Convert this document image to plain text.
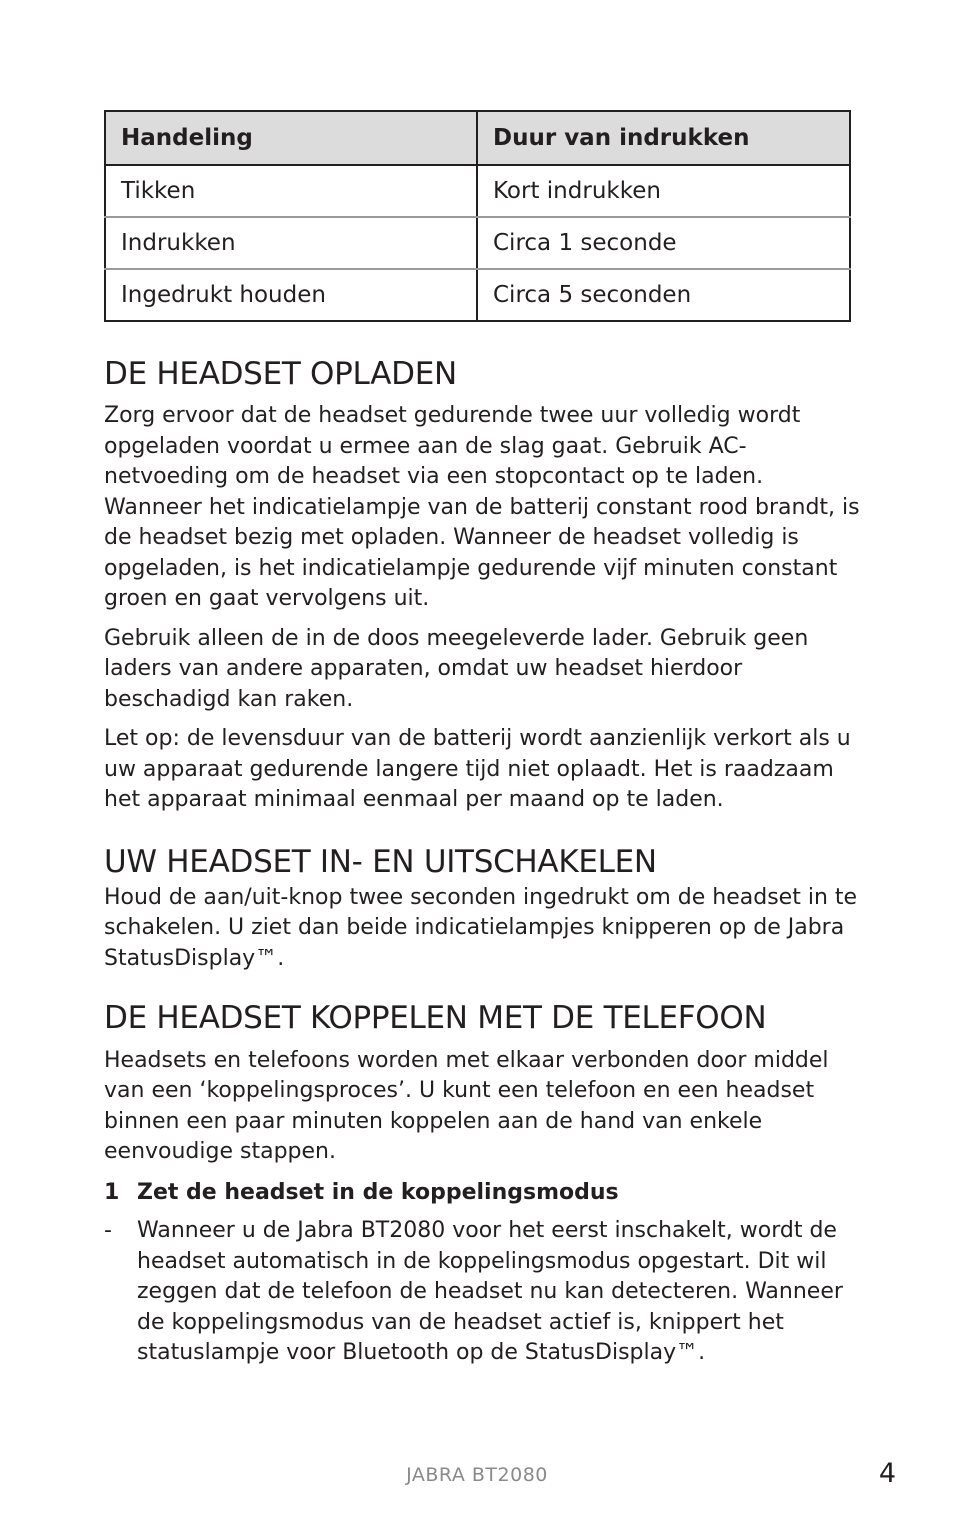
Handeling	Duur van indrukken
Tikken	Kort indrukken
Indrukken	Circa 1 seconde
Ingedrukt houden	Circa 5 seconden
DE HEADSET OPLADEN

Zorg ervoor dat de headset gedurende twee uur volledig wordt opgeladen voordat u ermee aan de slag gaat. Gebruik AC-netvoeding om de headset via een stopcontact op te laden. Wanneer het indicatielampje van de batterij constant rood brandt, is de headset bezig met opladen. Wanneer de headset volledig is opgeladen, is het indicatielampje gedurende vijf minuten constant groen en gaat vervolgens uit.

Gebruik alleen de in de doos meegeleverde lader. Gebruik geen laders van andere apparaten, omdat uw headset hierdoor beschadigd kan raken.

Let op: de levensduur van de batterij wordt aanzienlijk verkort als u uw apparaat gedurende langere tijd niet oplaadt. Het is raadzaam het apparaat minimaal eenmaal per maand op te laden.

UW HEADSET IN- EN UITSCHAKELEN

Houd de aan/uit-knop twee seconden ingedrukt om de headset in te schakelen. U ziet dan beide indicatielampjes knipperen op de Jabra StatusDisplay™.

DE HEADSET KOPPELEN MET DE TELEFOON

Headsets en telefoons worden met elkaar verbonden door middel van een ‘koppelingsproces’. U kunt een telefoon en een headset binnen een paar minuten koppelen aan de hand van enkele eenvoudige stappen.

1 Zet de headset in de koppelingsmodus
-	Wanneer u de Jabra BT2080 voor het eerst inschakelt, wordt de headset automatisch in de koppelingsmodus opgestart. Dit wil zeggen dat de telefoon de headset nu kan detecteren. Wanneer de koppelingsmodus van de headset actief is, knippert het statuslampje voor Bluetooth op de StatusDisplay™.
JABRA BT2080	4
